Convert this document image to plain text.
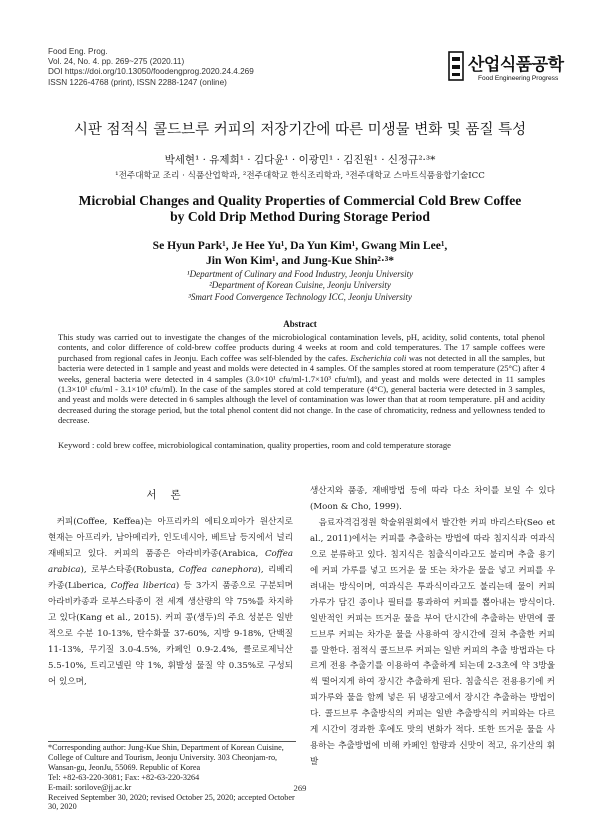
Food Eng. Prog.
Vol. 24, No. 4. pp. 269~275 (2020.11)
DOI https://doi.org/10.13050/foodengprog.2020.24.4.269
ISSN 1226-4768 (print), ISSN 2288-1247 (online)
산업식품공학
Food Engineering Progress
시판 점적식 콜드브루 커피의 저장기간에 따른 미생물 변화 및 품질 특성
박세현¹ · 유제희¹ · 김다윤¹ · 이광민¹ · 김진원¹ · 신정규²·³*
¹전주대학교 조리 · 식품산업학과, ²전주대학교 한식조리학과, ³전주대학교 스마트식품융합기술ICC
Microbial Changes and Quality Properties of Commercial Cold Brew Coffee
by Cold Drip Method During Storage Period
Se Hyun Park¹, Je Hee Yu¹, Da Yun Kim¹, Gwang Min Lee¹,
Jin Won Kim¹, and Jung-Kue Shin²·³*
¹Department of Culinary and Food Industry, Jeonju University
²Department of Korean Cuisine, Jeonju University
³Smart Food Convergence Technology ICC, Jeonju University
Abstract
This study was carried out to investigate the changes of the microbiological contamination levels, pH, acidity, solid contents, total phenol contents, and color difference of cold-brew coffee products during 4 weeks at room and cold temperatures. The 17 sample coffees were purchased from regional cafes in Jeonju. Each coffee was self-blended by the cafes. Escherichia coli was not detected in all the samples, but bacteria were detected in 1 sample and yeast and molds were detected in 4 samples. Of the samples stored at room temperature (25°C) after 4 weeks, general bacteria were detected in 4 samples (3.0×10¹ cfu/ml-1.7×10³ cfu/ml), and yeast and molds were detected in 11 samples (1.3×10¹ cfu/ml - 3.1×10³ cfu/ml). In the case of the samples stored at cold temperature (4°C), general bacteria were detected in 3 samples, and yeast and molds were detected in 6 samples although the level of contamination was lower than that at room temperature. pH and acidity decreased during the storage period, but the total phenol content did not change. In the case of chromaticity, redness and yellowness tended to decrease.
Keyword : cold brew coffee, microbiological contamination, quality properties, room and cold temperature storage
서론

커피(Coffee, Keffea)는 아프리카의 에티오피아가 원산지로 현재는 아프리카, 남아메리카, 인도네시아, 베트남 등지에서 널리 재배되고 있다. 커피의 품종은 아라비카종(Arabica, Coffea arabica), 로부스타종(Robusta, Coffea canephora), 리베리카종(Liberica, Coffea liberica) 등 3가지 품종으로 구분되며 아라비카종과 로부스타종이 전 세계 생산량의 약 75%를 차지하고 있다(Kang et al., 2015). 커피 콩(생두)의 주요 성분은 일반적으로 수분 10-13%, 탄수화물 37-60%, 지방 9-18%, 단백질 11-13%, 무기질 3.0-4.5%, 카페인 0.9-2.4%, 클로로제닉산 5.5-10%, 트리고넬린 약 1%, 휘발성 물질 약 0.35%로 구성되어 있으며,

*Corresponding author: Jung-Kue Shin, Department of Korean Cuisine, College of Culture and Tourism, Jeonju University. 303 Cheonjam-ro, Wansan-gu, JeonJu, 55069. Republic of Korea
Tel: +82-63-220-3081; Fax: +82-63-220-3264
E-mail: sorilove@jj.ac.kr
Received September 30, 2020; revised October 25, 2020; accepted October 30, 2020

생산지와 품종, 재배방법 등에 따라 다소 차이를 보일 수 있다(Moon & Cho, 1999).

음료자격검정원 학술위원회에서 발간한 커피 바리스타(Seo et al., 2011)에서는 커피를 추출하는 방법에 따라 침지식과 여과식으로 분류하고 있다. 침지식은 침출식이라고도 불리며 추출 용기에 커피 가루를 넣고 뜨거운 물 또는 차가운 물을 넣고 커피를 우려내는 방식이며, 여과식은 투과식이라고도 불리는데 물이 커피 가루가 담긴 종이나 필터를 통과하여 커피를 뽑아내는 방식이다. 일반적인 커피는 뜨거운 물을 부어 단시간에 추출하는 반면에 콜드브루 커피는 차가운 물을 사용하여 장시간에 걸쳐 추출한 커피를 말한다. 점적식 콜드브루 커피는 일반 커피의 추출 방법과는 다르게 전용 추출기를 이용하여 추출하게 되는데 2-3초에 약 3방울씩 떨어지게 하여 장시간 추출하게 된다. 침출식은 전용용기에 커피가루와 물을 함께 넣은 뒤 냉장고에서 장시간 추출하는 방법이다. 콜드브루 추출방식의 커피는 일반 추출방식의 커피와는 다르게 시간이 경과한 후에도 맛의 변화가 적다. 또한 뜨거운 물을 사용하는 추출방법에 비해 카페인 함량과 신맛이 적고, 유기산의 휘발

269
